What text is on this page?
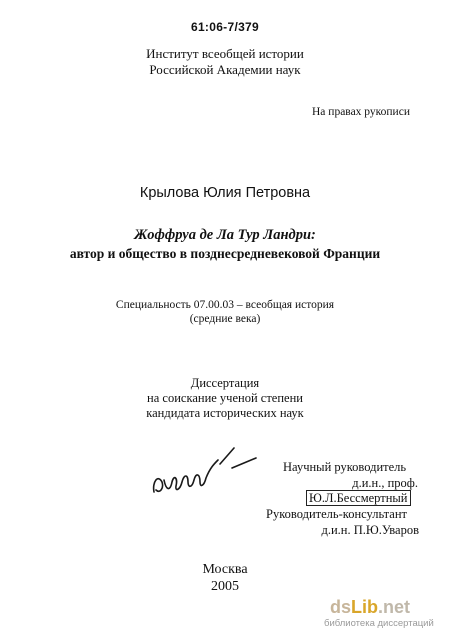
61:06-7/379
Институт всеобщей истории
Российской Академии наук
На правах рукописи
Крылова Юлия Петровна
Жоффруа де Ла Тур Ландри:
автор и общество в позднесредневековой Франции
Специальность 07.00.03 – всеобщая история
(средние века)
Диссертация
на соискание ученой степени
кандидата исторических наук
Научный руководитель
д.и.н., проф.
Ю.Л.Бессмертный
Руководитель-консультант
д.и.н. П.Ю.Уваров
Москва
2005
dsLib.net
библиотека диссертаций
